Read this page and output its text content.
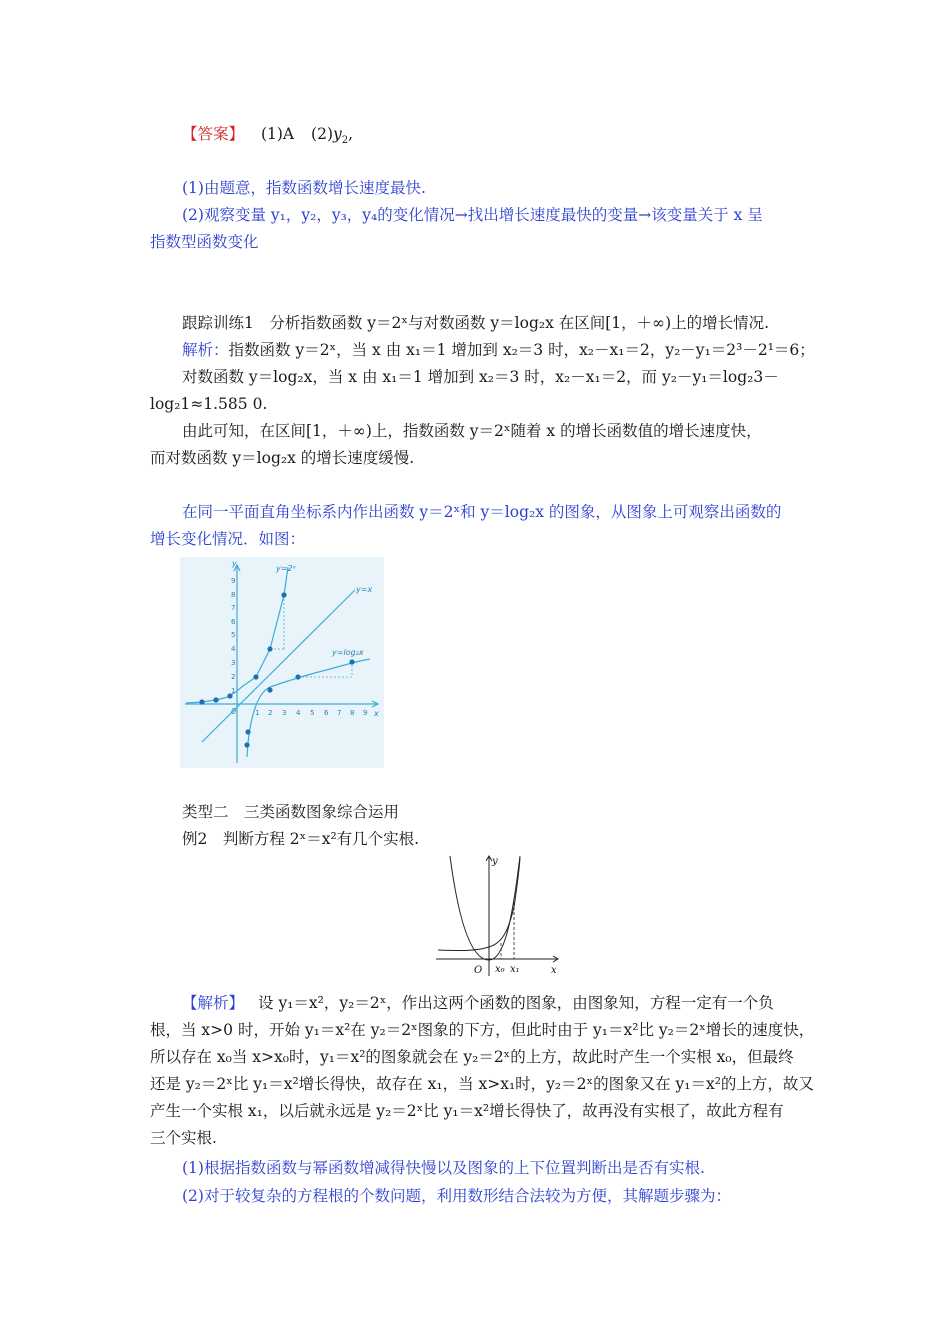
【答案】 (1)A $(2)y_2$,
(1)由题意，指数函数增长速度最快.
(2)观察变量 y₁，y₂，y₃，y₄的变化情况→找出增长速度最快的变量→该变量关于 x 呈
指数型函数变化
跟踪训练1　分析指数函数 y＝2ˣ与对数函数 y＝log₂x 在区间[1，＋∞)上的增长情况.
解析：指数函数 y＝2ˣ，当 x 由 x₁＝1 增加到 x₂＝3 时，x₂－x₁＝2，y₂－y₁＝2³－2¹＝6；
对数函数 y＝log₂x，当 x 由 x₁＝1 增加到 x₂＝3 时，x₂－x₁＝2，而 y₂－y₁＝log₂3－
log₂1≈1.585 0.
由此可知，在区间[1，＋∞)上，指数函数 y＝2ˣ随着 x 的增长函数值的增长速度快，
而对数函数 y＝log₂x 的增长速度缓慢.
在同一平面直角坐标系内作出函数 y＝2ˣ和 y＝log₂x 的图象，从图象上可观察出函数的
增长变化情况．如图：
y
x
0
y=2ˣ
y=x
y=log₂x
1
2
3
4
5
6
7
8
9
1 2 3 4 5 6 7 8 9
类型二　三类函数图象综合运用
例2　判断方程 2ˣ＝x²有几个实根.
y
x
O x₀ x₁
【解析】 设 y₁＝x²，y₂＝2ˣ，作出这两个函数的图象，由图象知，方程一定有一个负
根，当 x>0 时，开始 y₁＝x²在 y₂＝2ˣ图象的下方，但此时由于 y₁＝x²比 y₂＝2ˣ增长的速度快，
所以存在 x₀当 x>x₀时，y₁＝x²的图象就会在 y₂＝2ˣ的上方，故此时产生一个实根 x₀，但最终
还是 y₂＝2ˣ比 y₁＝x²增长得快，故存在 x₁，当 x>x₁时，y₂＝2ˣ的图象又在 y₁＝x²的上方，故又
产生一个实根 x₁，以后就永远是 y₂＝2ˣ比 y₁＝x²增长得快了，故再没有实根了，故此方程有
三个实根.
(1)根据指数函数与幂函数增减得快慢以及图象的上下位置判断出是否有实根.
(2)对于较复杂的方程根的个数问题，利用数形结合法较为方便，其解题步骤为：
